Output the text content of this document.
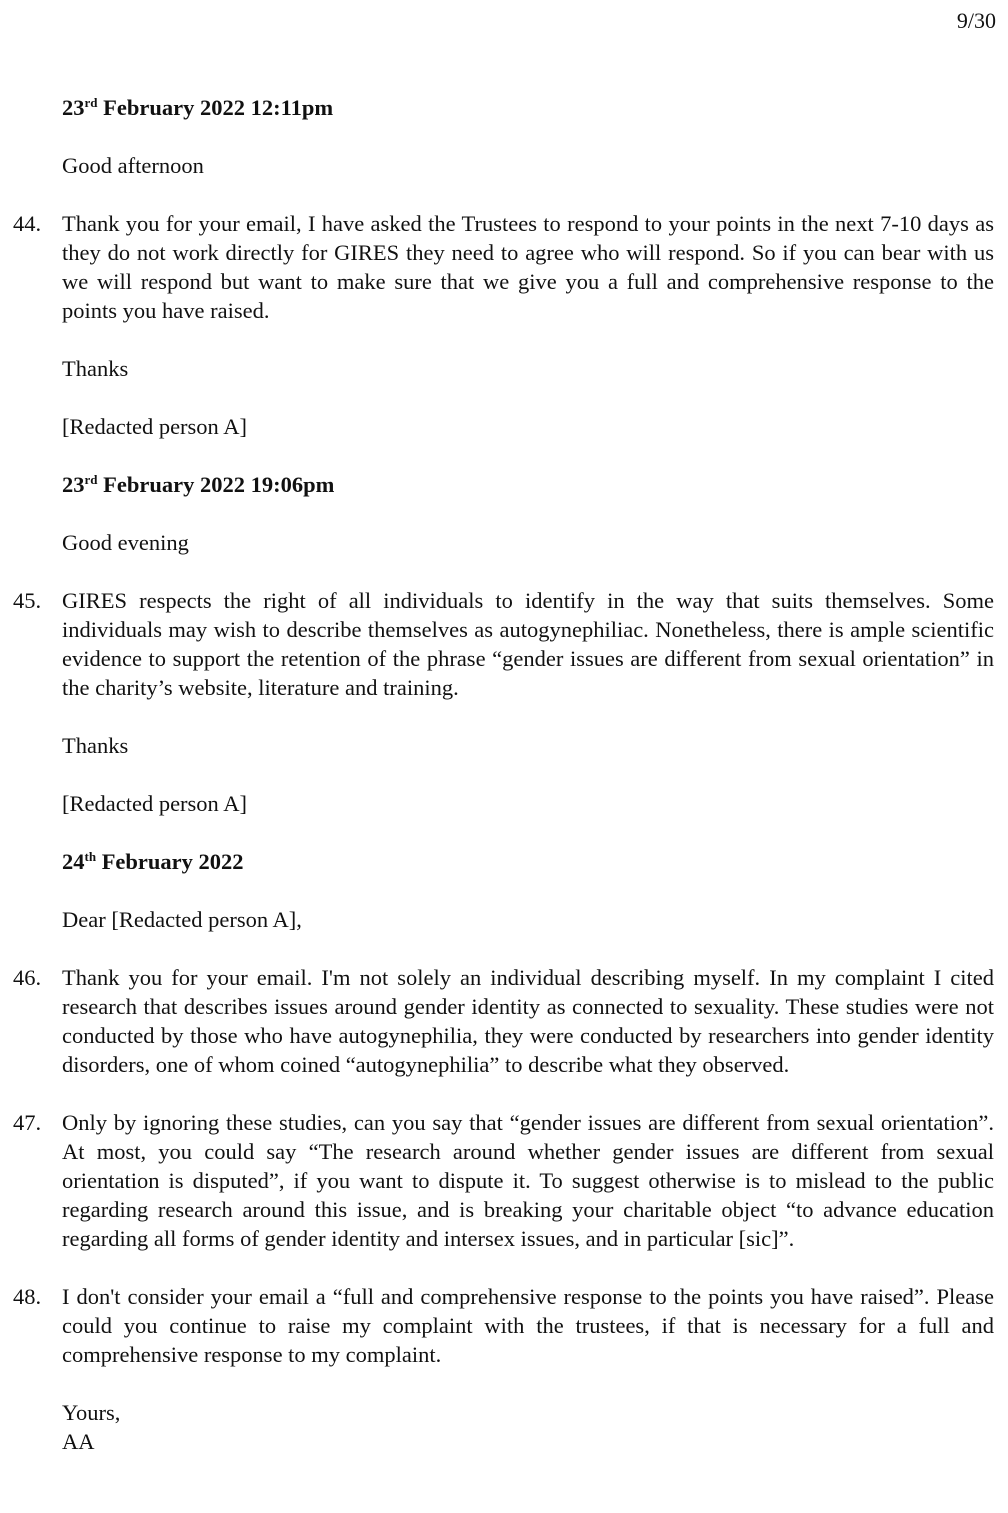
9/30
23rd February 2022 12:11pm
Good afternoon
44. Thank you for your email, I have asked the Trustees to respond to your points in the next 7-10 days as they do not work directly for GIRES they need to agree who will respond. So if you can bear with us we will respond but want to make sure that we give you a full and comprehensive response to the points you have raised.
Thanks
[Redacted person A]
23rd February 2022 19:06pm
Good evening
45. GIRES respects the right of all individuals to identify in the way that suits themselves. Some individuals may wish to describe themselves as autogynephiliac. Nonetheless, there is ample scientific evidence to support the retention of the phrase “gender issues are different from sexual orientation” in the charity’s website, literature and training.
Thanks
[Redacted person A]
24th February 2022
Dear [Redacted person A],
46. Thank you for your email. I'm not solely an individual describing myself. In my complaint I cited research that describes issues around gender identity as connected to sexuality. These studies were not conducted by those who have autogynephilia, they were conducted by researchers into gender identity disorders, one of whom coined “autogynephilia” to describe what they observed.
47. Only by ignoring these studies, can you say that “gender issues are different from sexual orientation”. At most, you could say “The research around whether gender issues are different from sexual orientation is disputed”, if you want to dispute it. To suggest otherwise is to mislead to the public regarding research around this issue, and is breaking your charitable object “to advance education regarding all forms of gender identity and intersex issues, and in particular [sic]”.
48. I don't consider your email a “full and comprehensive response to the points you have raised”. Please could you continue to raise my complaint with the trustees, if that is necessary for a full and comprehensive response to my complaint.
Yours,
AA
